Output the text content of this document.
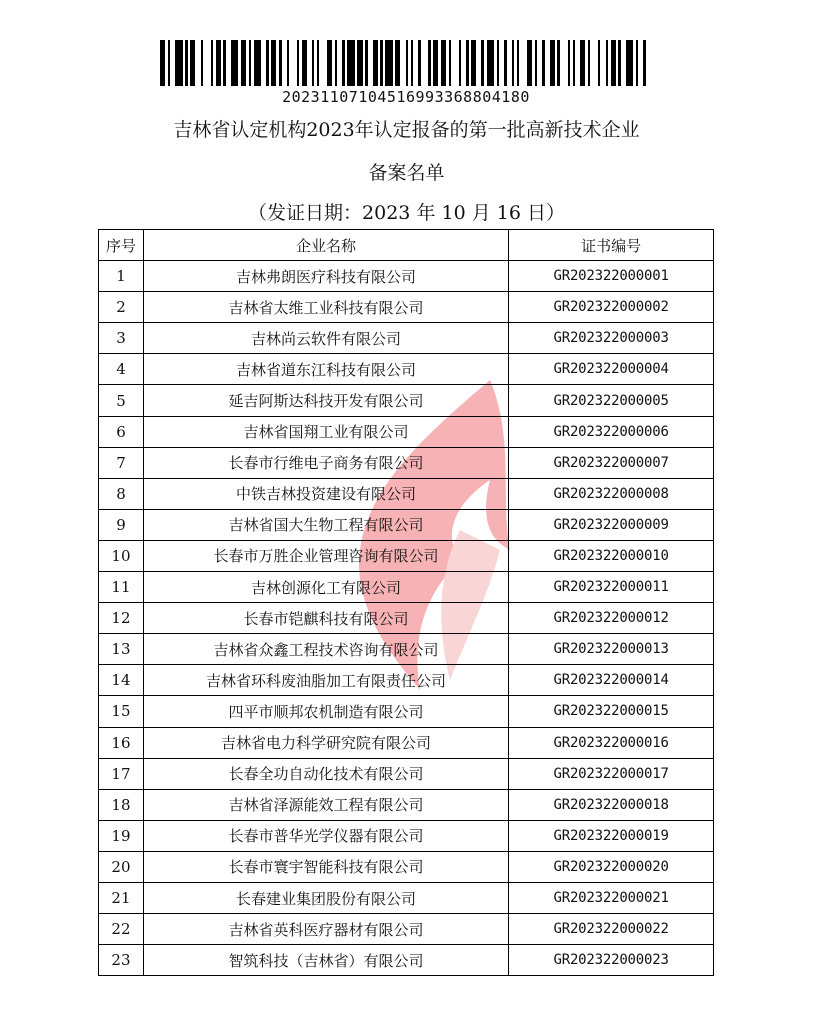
20231107104516993368804180
吉林省认定机构2023年认定报备的第一批高新技术企业
备案名单
（发证日期：2023 年 10 月 16 日）
序号	企业名称	证书编号
1	吉林弗朗医疗科技有限公司	GR202322000001
2	吉林省太维工业科技有限公司	GR202322000002
3	吉林尚云软件有限公司	GR202322000003
4	吉林省道东江科技有限公司	GR202322000004
5	延吉阿斯达科技开发有限公司	GR202322000005
6	吉林省国翔工业有限公司	GR202322000006
7	长春市行维电子商务有限公司	GR202322000007
8	中铁吉林投资建设有限公司	GR202322000008
9	吉林省国大生物工程有限公司	GR202322000009
10	长春市万胜企业管理咨询有限公司	GR202322000010
11	吉林创源化工有限公司	GR202322000011
12	长春市铠麒科技有限公司	GR202322000012
13	吉林省众鑫工程技术咨询有限公司	GR202322000013
14	吉林省环科废油脂加工有限责任公司	GR202322000014
15	四平市顺邦农机制造有限公司	GR202322000015
16	吉林省电力科学研究院有限公司	GR202322000016
17	长春全功自动化技术有限公司	GR202322000017
18	吉林省泽源能效工程有限公司	GR202322000018
19	长春市普华光学仪器有限公司	GR202322000019
20	长春市寰宇智能科技有限公司	GR202322000020
21	长春建业集团股份有限公司	GR202322000021
22	吉林省英科医疗器材有限公司	GR202322000022
23	智筑科技（吉林省）有限公司	GR202322000023
